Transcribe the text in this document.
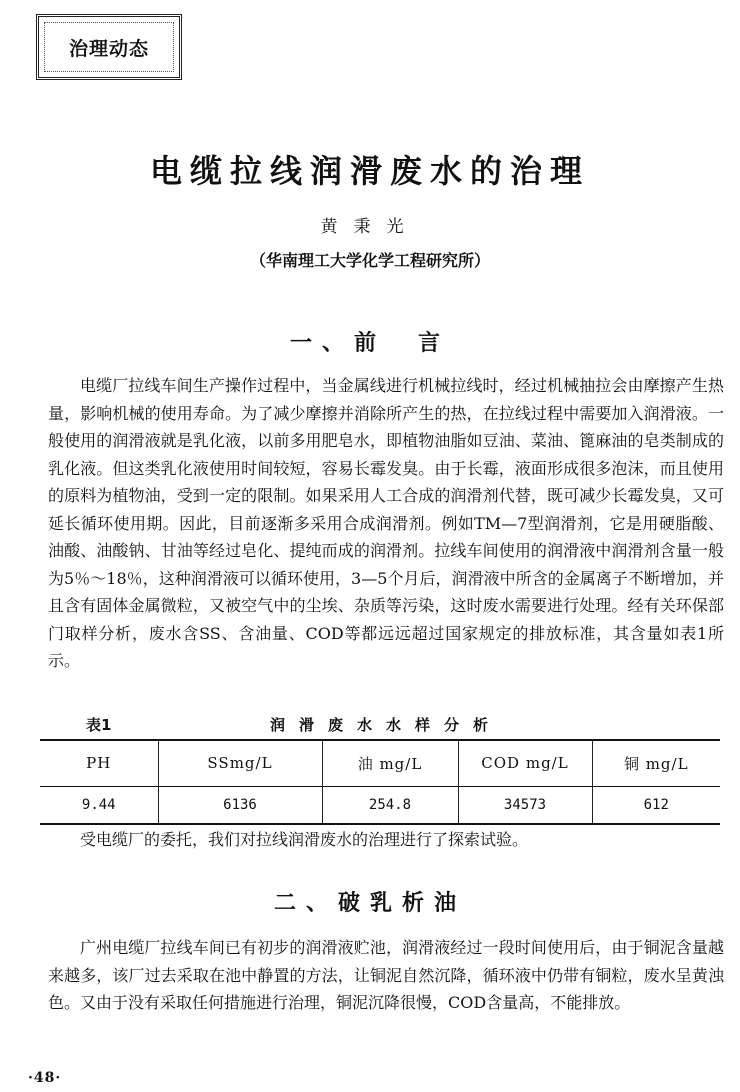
治理动态
电缆拉线润滑废水的治理
黄秉光
（华南理工大学化学工程研究所）
一、前　言

电缆厂拉线车间生产操作过程中，当金属线进行机械拉线时，经过机械抽拉会由摩擦产生热量，影响机械的使用寿命。为了减少摩擦并消除所产生的热，在拉线过程中需要加入润滑液。一般使用的润滑液就是乳化液，以前多用肥皂水，即植物油脂如豆油、菜油、篦麻油的皂类制成的乳化液。但这类乳化液使用时间较短，容易长霉发臭。由于长霉，液面形成很多泡沫，而且使用的原料为植物油，受到一定的限制。如果采用人工合成的润滑剂代替，既可减少长霉发臭，又可延长循环使用期。因此，目前逐渐多采用合成润滑剂。例如TM—7型润滑剂，它是用硬脂酸、油酸、油酸钠、甘油等经过皂化、提纯而成的润滑剂。拉线车间使用的润滑液中润滑剂含量一般为5％～18％，这种润滑液可以循环使用，3—5个月后，润滑液中所含的金属离子不断增加，并且含有固体金属微粒，又被空气中的尘埃、杂质等污染，这时废水需要进行处理。经有关环保部门取样分析，废水含SS、含油量、COD等都远远超过国家规定的排放标准，其含量如表1所示。

表1	润滑废水水样分析
PH	SSmg/L	油 mg/L	COD mg/L	铜 mg/L
9.44	6136	254.8	34573	612

受电缆厂的委托，我们对拉线润滑废水的治理进行了探索试验。

二、破乳析油

广州电缆厂拉线车间已有初步的润滑液贮池，润滑液经过一段时间使用后，由于铜泥含量越来越多，该厂过去采取在池中静置的方法，让铜泥自然沉降，循环液中仍带有铜粒，废水呈黄浊色。又由于没有采取任何措施进行治理，铜泥沉降很慢，COD含量高，不能排放。

·48·
